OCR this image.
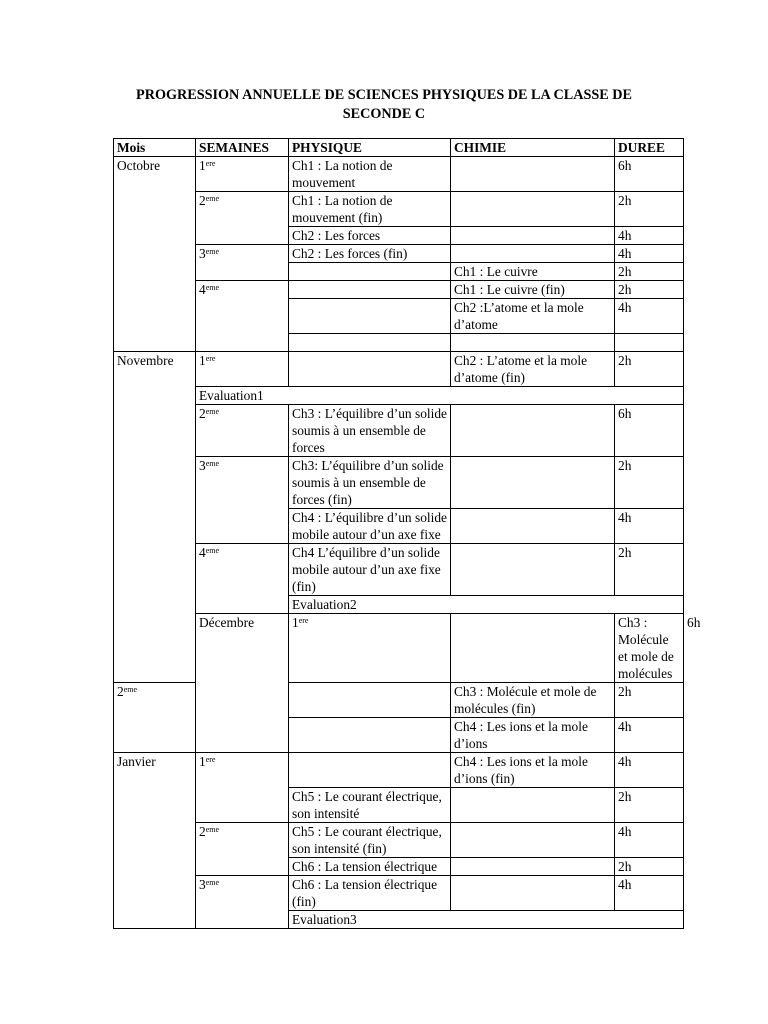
PROGRESSION ANNUELLE DE SCIENCES PHYSIQUES DE LA CLASSE DE
SECONDE C
Mois	SEMAINES	PHYSIQUE	CHIMIE	DUREE	
Octobre	1ere	Ch1 : La notion de mouvement		6h	
	2eme	Ch1 : La notion de mouvement (fin)		2h	
		Ch2 : Les forces		4h	
	3eme	Ch2 : Les forces (fin)		4h	
			Ch1 : Le cuivre	2h	
	4eme		Ch1 : Le cuivre (fin)	2h	
			Ch2 :L’atome et la mole d’atome	4h	

Novembre	1ere		Ch2 : L’atome et la mole d’atome (fin)	2h	
	Evaluation1				
	2eme	Ch3 : L’équilibre d’un solide soumis à un ensemble de forces		6h	
	3eme	Ch3: L’équilibre d’un solide soumis à un ensemble de forces (fin)		2h	
		Ch4 : L’équilibre d’un solide mobile autour d’un axe fixe		4h	
	4eme	Ch4 L’équilibre d’un solide mobile autour d’un axe fixe (fin)		2h	
		Evaluation2			
	Décembre	1ere		Ch3 : Molécule et mole de molécules	6h
2eme			Ch3 : Molécule et mole de molécules (fin)	2h	
			Ch4 : Les ions et la mole d’ions	4h	
Janvier	1ere		Ch4 : Les ions et la mole d’ions (fin)	4h	
		Ch5 : Le courant électrique, son intensité		2h	
	2eme	Ch5 : Le courant électrique, son intensité (fin)		4h	
		Ch6 : La tension électrique		2h	
	3eme	Ch6 : La tension électrique (fin)		4h	
		Evaluation3			
